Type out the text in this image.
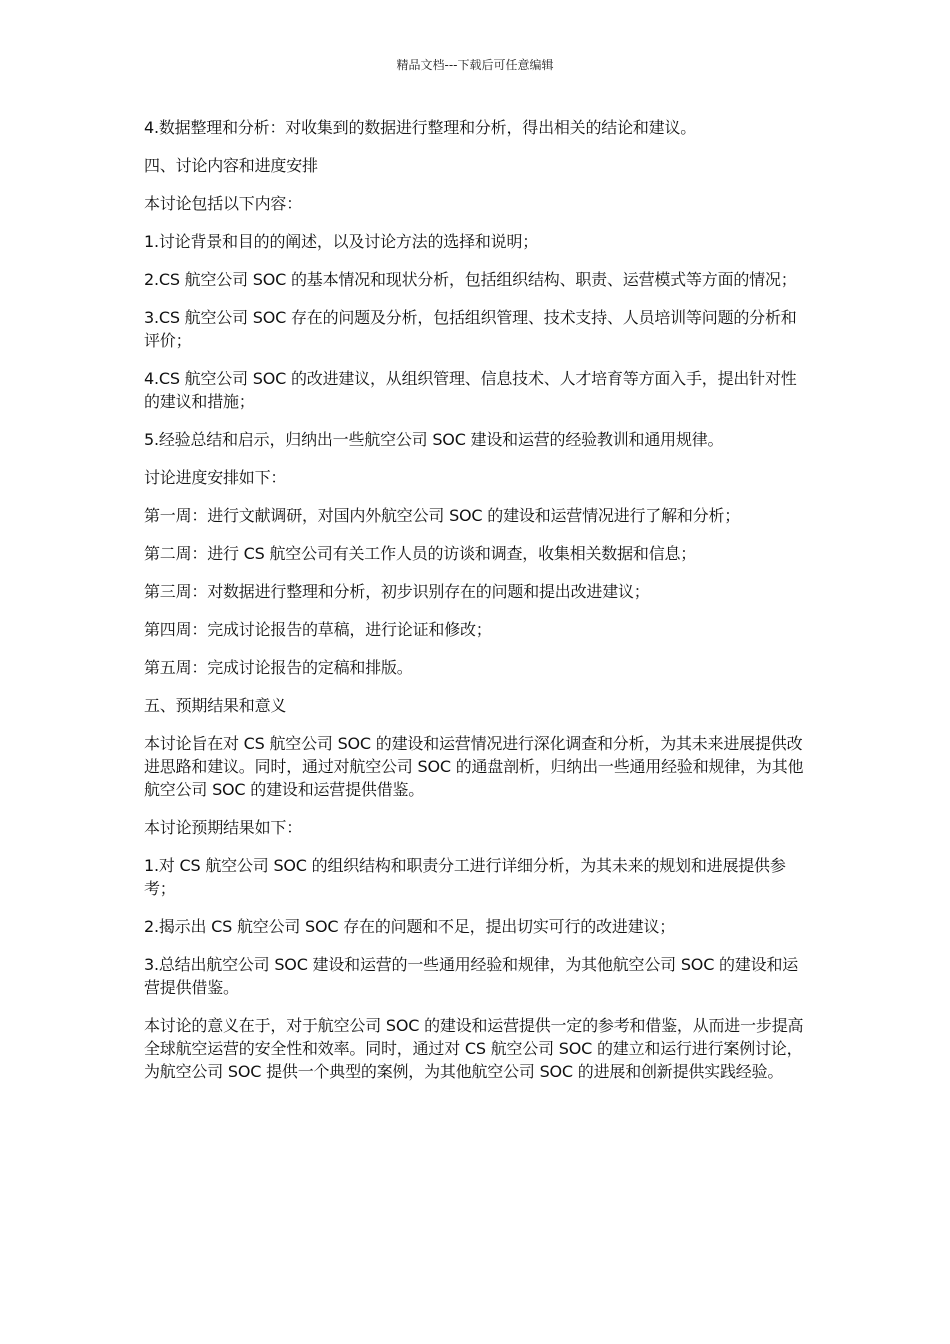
精品文档---下载后可任意编辑

4.数据整理和分析：对收集到的数据进行整理和分析，得出相关的结论和建议。

四、讨论内容和进度安排

本讨论包括以下内容：

1.讨论背景和目的的阐述，以及讨论方法的选择和说明；

2.CS 航空公司 SOC 的基本情况和现状分析，包括组织结构、职责、运营模式等方面的情况；

3.CS 航空公司 SOC 存在的问题及分析，包括组织管理、技术支持、人员培训等问题的分析和评价；

4.CS 航空公司 SOC 的改进建议，从组织管理、信息技术、人才培育等方面入手，提出针对性的建议和措施；

5.经验总结和启示，归纳出一些航空公司 SOC 建设和运营的经验教训和通用规律。

讨论进度安排如下：

第一周：进行文献调研，对国内外航空公司 SOC 的建设和运营情况进行了解和分析；

第二周：进行 CS 航空公司有关工作人员的访谈和调查，收集相关数据和信息；

第三周：对数据进行整理和分析，初步识别存在的问题和提出改进建议；

第四周：完成讨论报告的草稿，进行论证和修改；

第五周：完成讨论报告的定稿和排版。

五、预期结果和意义

本讨论旨在对 CS 航空公司 SOC 的建设和运营情况进行深化调查和分析，为其未来进展提供改进思路和建议。同时，通过对航空公司 SOC 的通盘剖析，归纳出一些通用经验和规律，为其他航空公司 SOC 的建设和运营提供借鉴。

本讨论预期结果如下：

1.对 CS 航空公司 SOC 的组织结构和职责分工进行详细分析，为其未来的规划和进展提供参考；

2.揭示出 CS 航空公司 SOC 存在的问题和不足，提出切实可行的改进建议；

3.总结出航空公司 SOC 建设和运营的一些通用经验和规律，为其他航空公司 SOC 的建设和运营提供借鉴。

本讨论的意义在于，对于航空公司 SOC 的建设和运营提供一定的参考和借鉴，从而进一步提高全球航空运营的安全性和效率。同时，通过对 CS 航空公司 SOC 的建立和运行进行案例讨论，为航空公司 SOC 提供一个典型的案例，为其他航空公司 SOC 的进展和创新提供实践经验。
